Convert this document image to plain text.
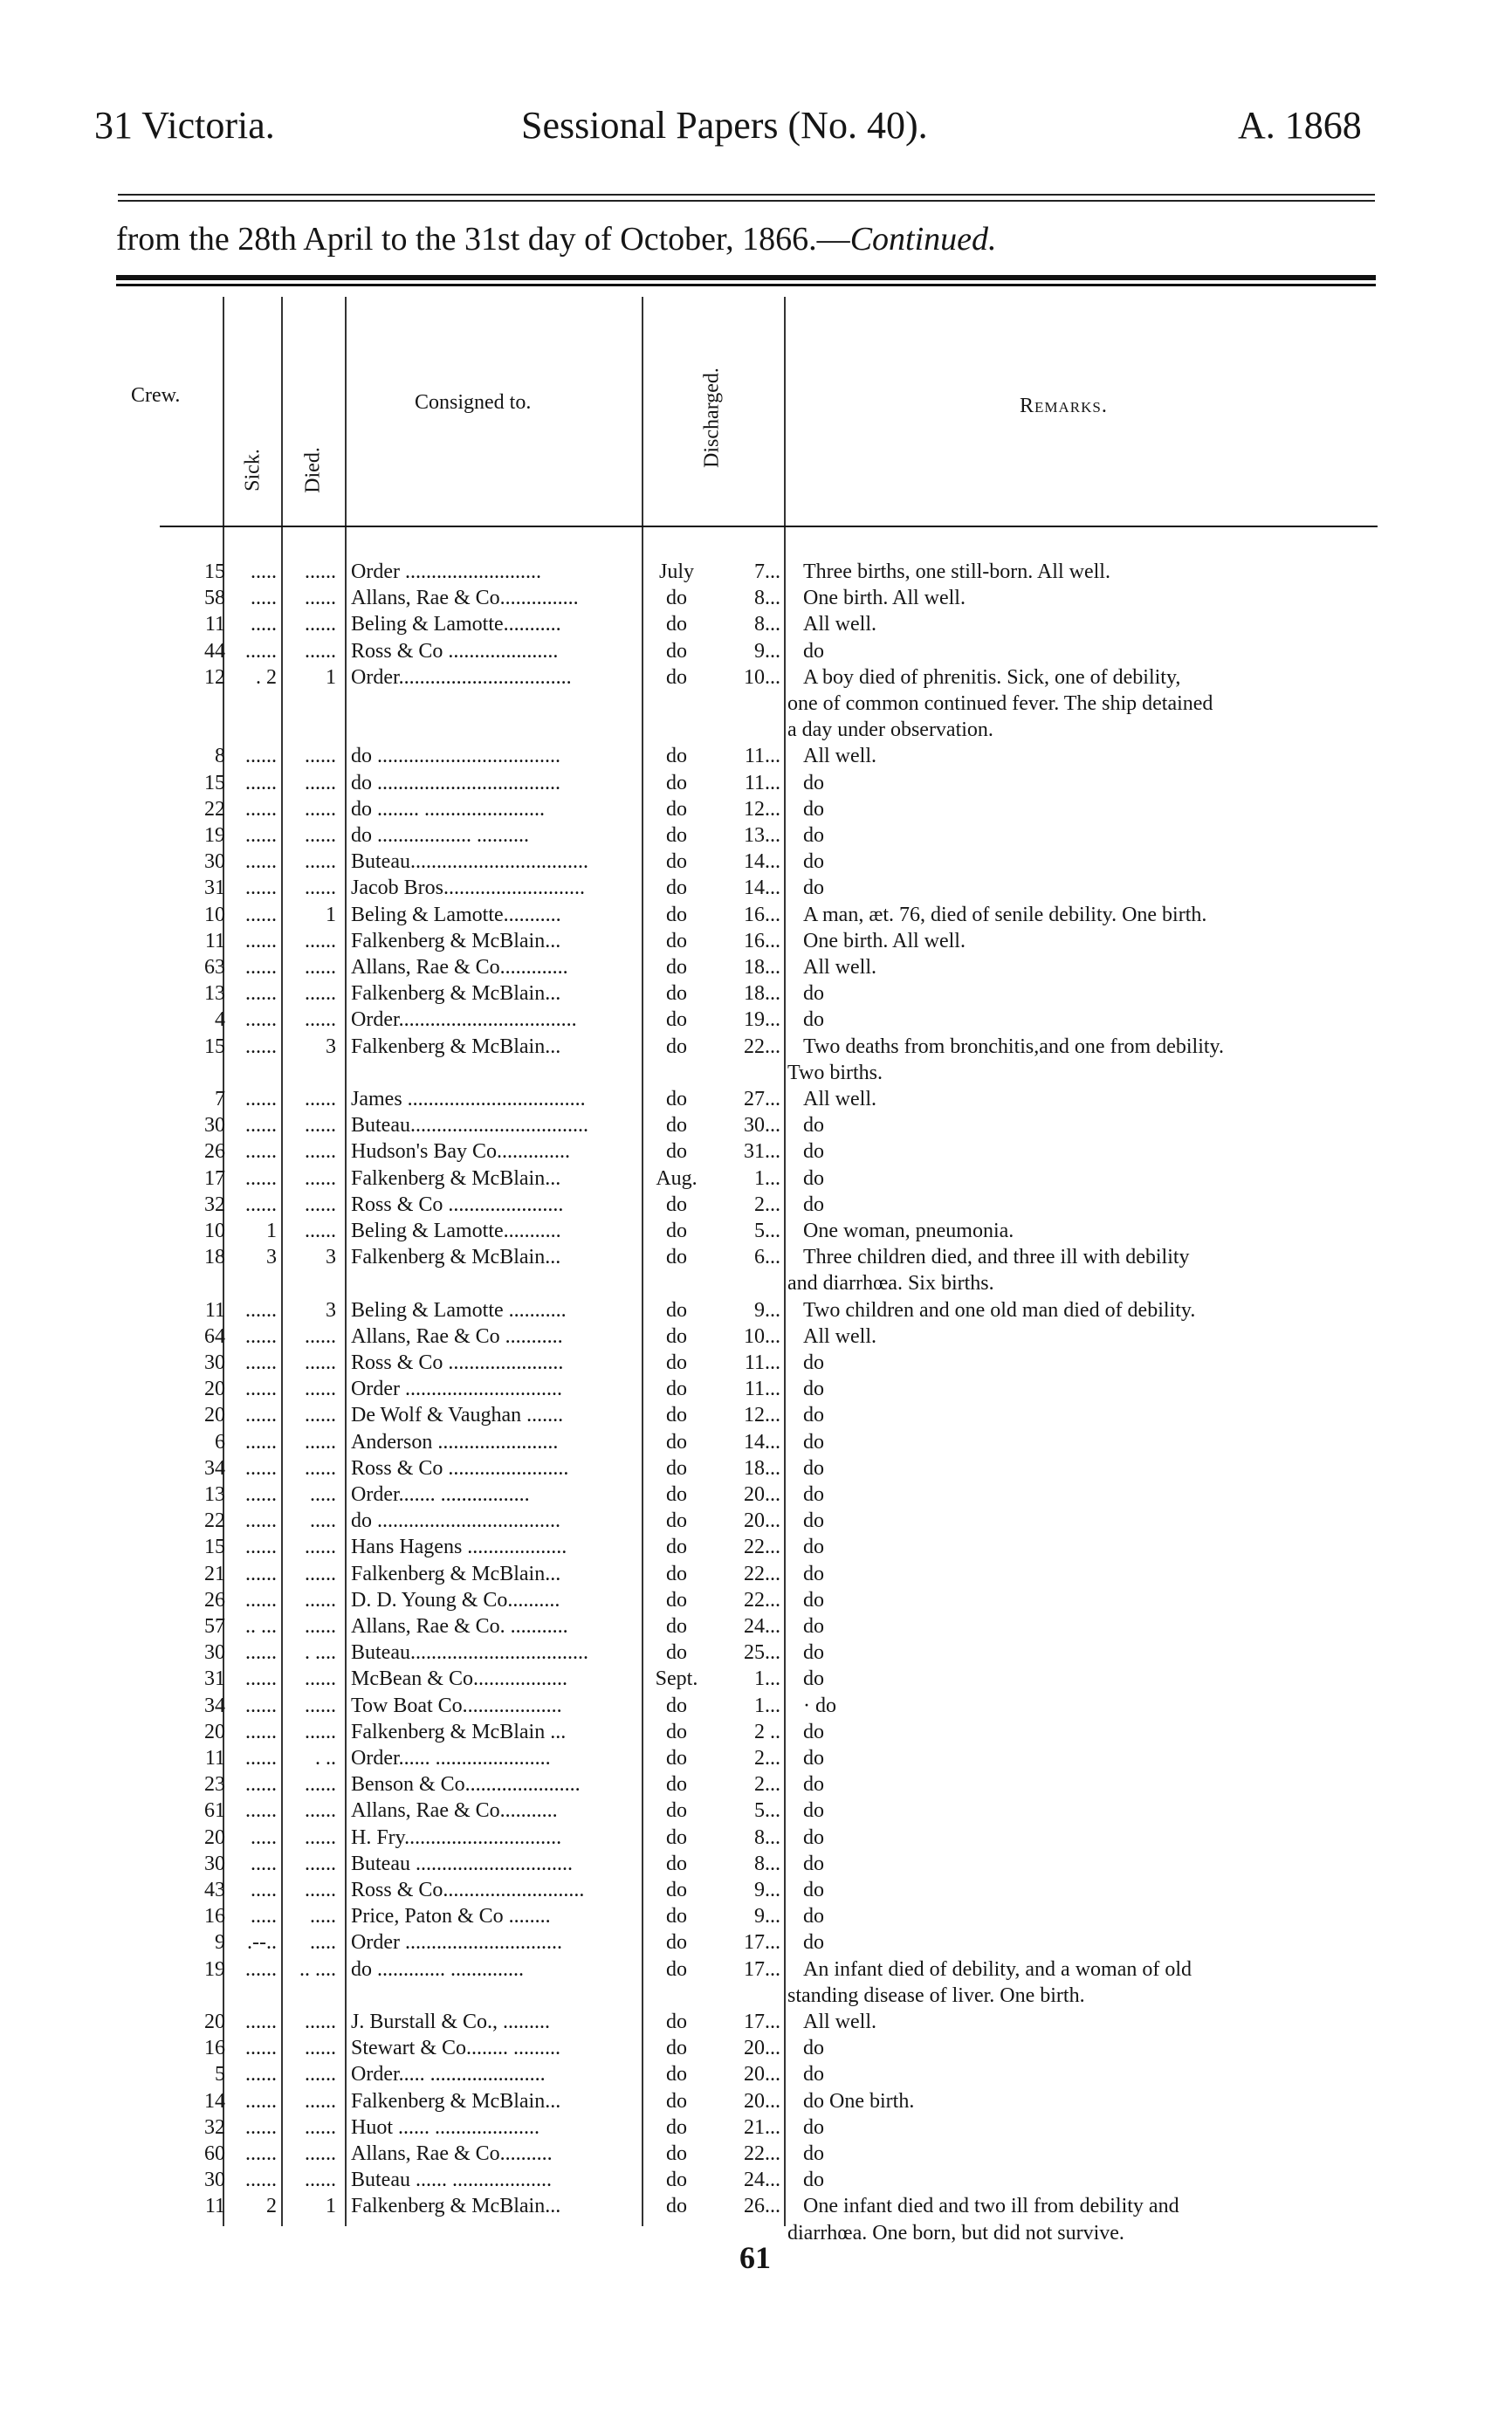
31 Victoria.	Sessional Papers (No. 40).	A. 1868
from the 28th April to the 31st day of October, 1866.—Continued.
Crew.
Sick. Died.
Consigned to.	Discharged.	Remarks.
15	.....	...... Order ..........................	July	7... Three births, one still-born. All well.
58	.....	...... Allans, Rae & Co...............	do	8... One birth. All well.
11	.....	...... Beling & Lamotte...........	do	8... All well.
44 ......	...... Ross & Co .....................	do	9... do
12	. 2	1 Order.................................	do	10... A boy died of phrenitis. Sick, one of debility,
one of common continued fever. The ship detained
a day under observation.
8 ......	...... do ...................................	do	11... All well.
15 ......	...... do ...................................	do	11... do
22 ......	...... do ........ .......................	do	12... do
19 ......	...... do .................. ..........	do	13... do
30 ......	...... Buteau..................................	do	14... do
31 ......	...... Jacob Bros...........................	do	14... do
10 ......	1 Beling & Lamotte...........	do	16... A man, æt. 76, died of senile debility. One birth.
11 ......	...... Falkenberg & McBlain...	do	16... One birth. All well.
63 ......	...... Allans, Rae & Co.............	do	18... All well.
13 ......	...... Falkenberg & McBlain...	do	18... do
4 ......	...... Order..................................	do	19... do
15 ......	3 Falkenberg & McBlain...	do	22... Two deaths from bronchitis,and one from debility.
Two births.
7 ......	...... James ..................................	do	27... All well.
30 ......	...... Buteau..................................	do	30... do
26 ......	...... Hudson's Bay Co..............	do	31... do
17 ......	...... Falkenberg & McBlain...	Aug.	1... do
32 ......	...... Ross & Co ......................	do	2... do
10	1	...... Beling & Lamotte...........	do	5... One woman, pneumonia.
18	3	3 Falkenberg & McBlain...	do	6... Three children died, and three ill with debility
and diarrhœa. Six births.
11 ......	3 Beling & Lamotte ...........	do	9... Two children and one old man died of debility.
64 ......	...... Allans, Rae & Co ...........	do	10... All well.
30 ......	...... Ross & Co ......................	do	11... do
20 ......	...... Order ..............................	do	11... do
20 ......	...... De Wolf & Vaughan .......	do	12... do
6 ......	...... Anderson .......................	do	14... do
34 ......	...... Ross & Co .......................	do	18... do
13 ......	..... Order....... .................	do	20... do
22 ......	..... do ...................................	do	20... do
15 ......	...... Hans Hagens ...................	do	22... do
21 ......	...... Falkenberg & McBlain...	do	22... do
26 ......	...... D. D. Young & Co..........	do	22... do
57 .. ...	...... Allans, Rae & Co. ...........	do	24... do
30 ......	. .... Buteau..................................	do	25... do
31 ......	...... McBean & Co..................	Sept.	1... do
34 ......	...... Tow Boat Co...................	do	1... · do
20 ......	...... Falkenberg & McBlain ...	do	2 .. do
11 ......	. .. Order...... ......................	do	2... do
23 ......	...... Benson & Co......................	do	2... do
61 ......	...... Allans, Rae & Co...........	do	5... do
20	.....	...... H. Fry..............................	do	8... do
30	.....	...... Buteau ..............................	do	8... do
43	.....	...... Ross & Co...........................	do	9... do
16	.....	..... Price, Paton & Co ........	do	9... do
9	.--..	..... Order ..............................	do	17... do
19 ......	.. .... do ............. ..............	do	17... An infant died of debility, and a woman of old
standing disease of liver. One birth.
20 ......	...... J. Burstall & Co., .........	do	17... All well.
16 ......	...... Stewart & Co........ .........	do	20... do
5 ......	...... Order..... ......................	do	20... do
14 ......	...... Falkenberg & McBlain...	do	20... do One birth.
32 ......	...... Huot ...... ....................	do	21... do
60 ......	...... Allans, Rae & Co..........	do	22... do
30 ......	...... Buteau ...... ...................	do	24... do
11	2	1 Falkenberg & McBlain...	do	26... One infant died and two ill from debility and
diarrhœa. One born, but did not survive.
61
